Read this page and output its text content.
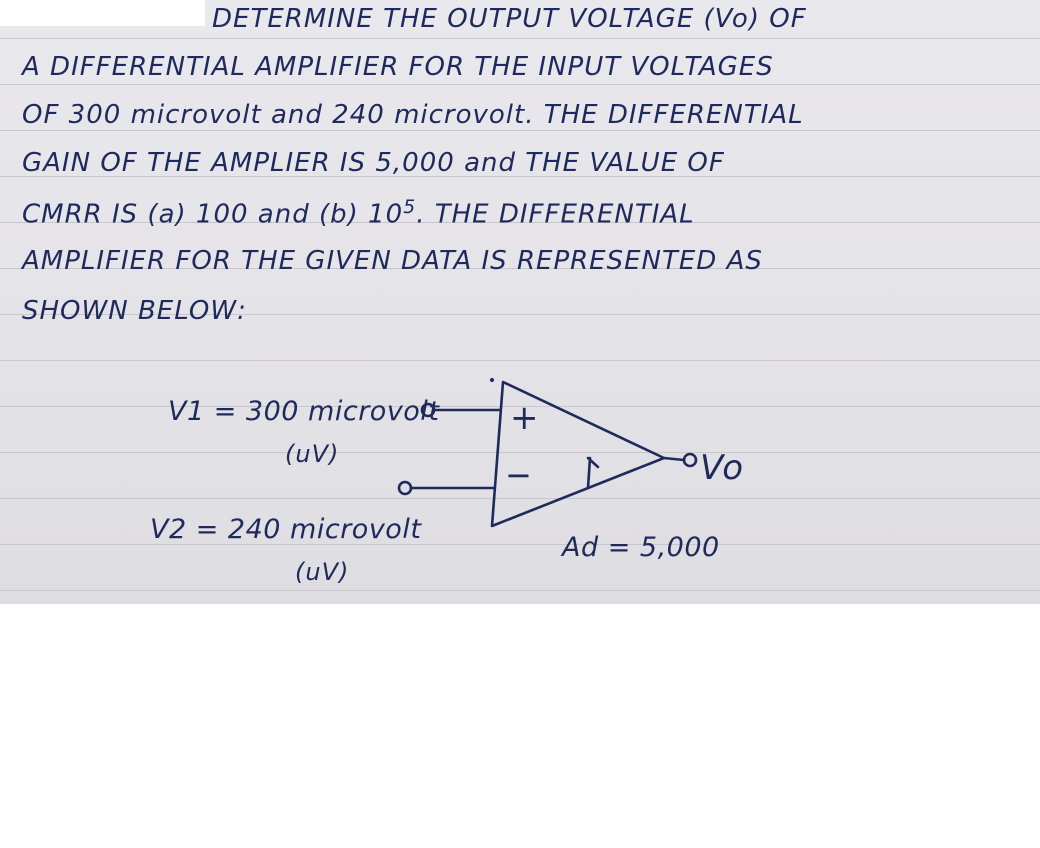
DETERMINE THE OUTPUT VOLTAGE (Vo) OF
A DIFFERENTIAL AMPLIFIER FOR THE INPUT VOLTAGES
OF 300 microvolt and 240 microvolt. THE DIFFERENTIAL
GAIN OF THE AMPLIER IS 5,000 and THE VALUE OF
CMRR IS (a) 100 and (b) $10^5$. THE DIFFERENTIAL
AMPLIFIER FOR THE GIVEN DATA IS REPRESENTED AS
SHOWN BELOW:
V1 = 300 microvolt
(uV)
V2 = 240 microvolt
(uV)
+
−	Vo
Ad = 5,000
